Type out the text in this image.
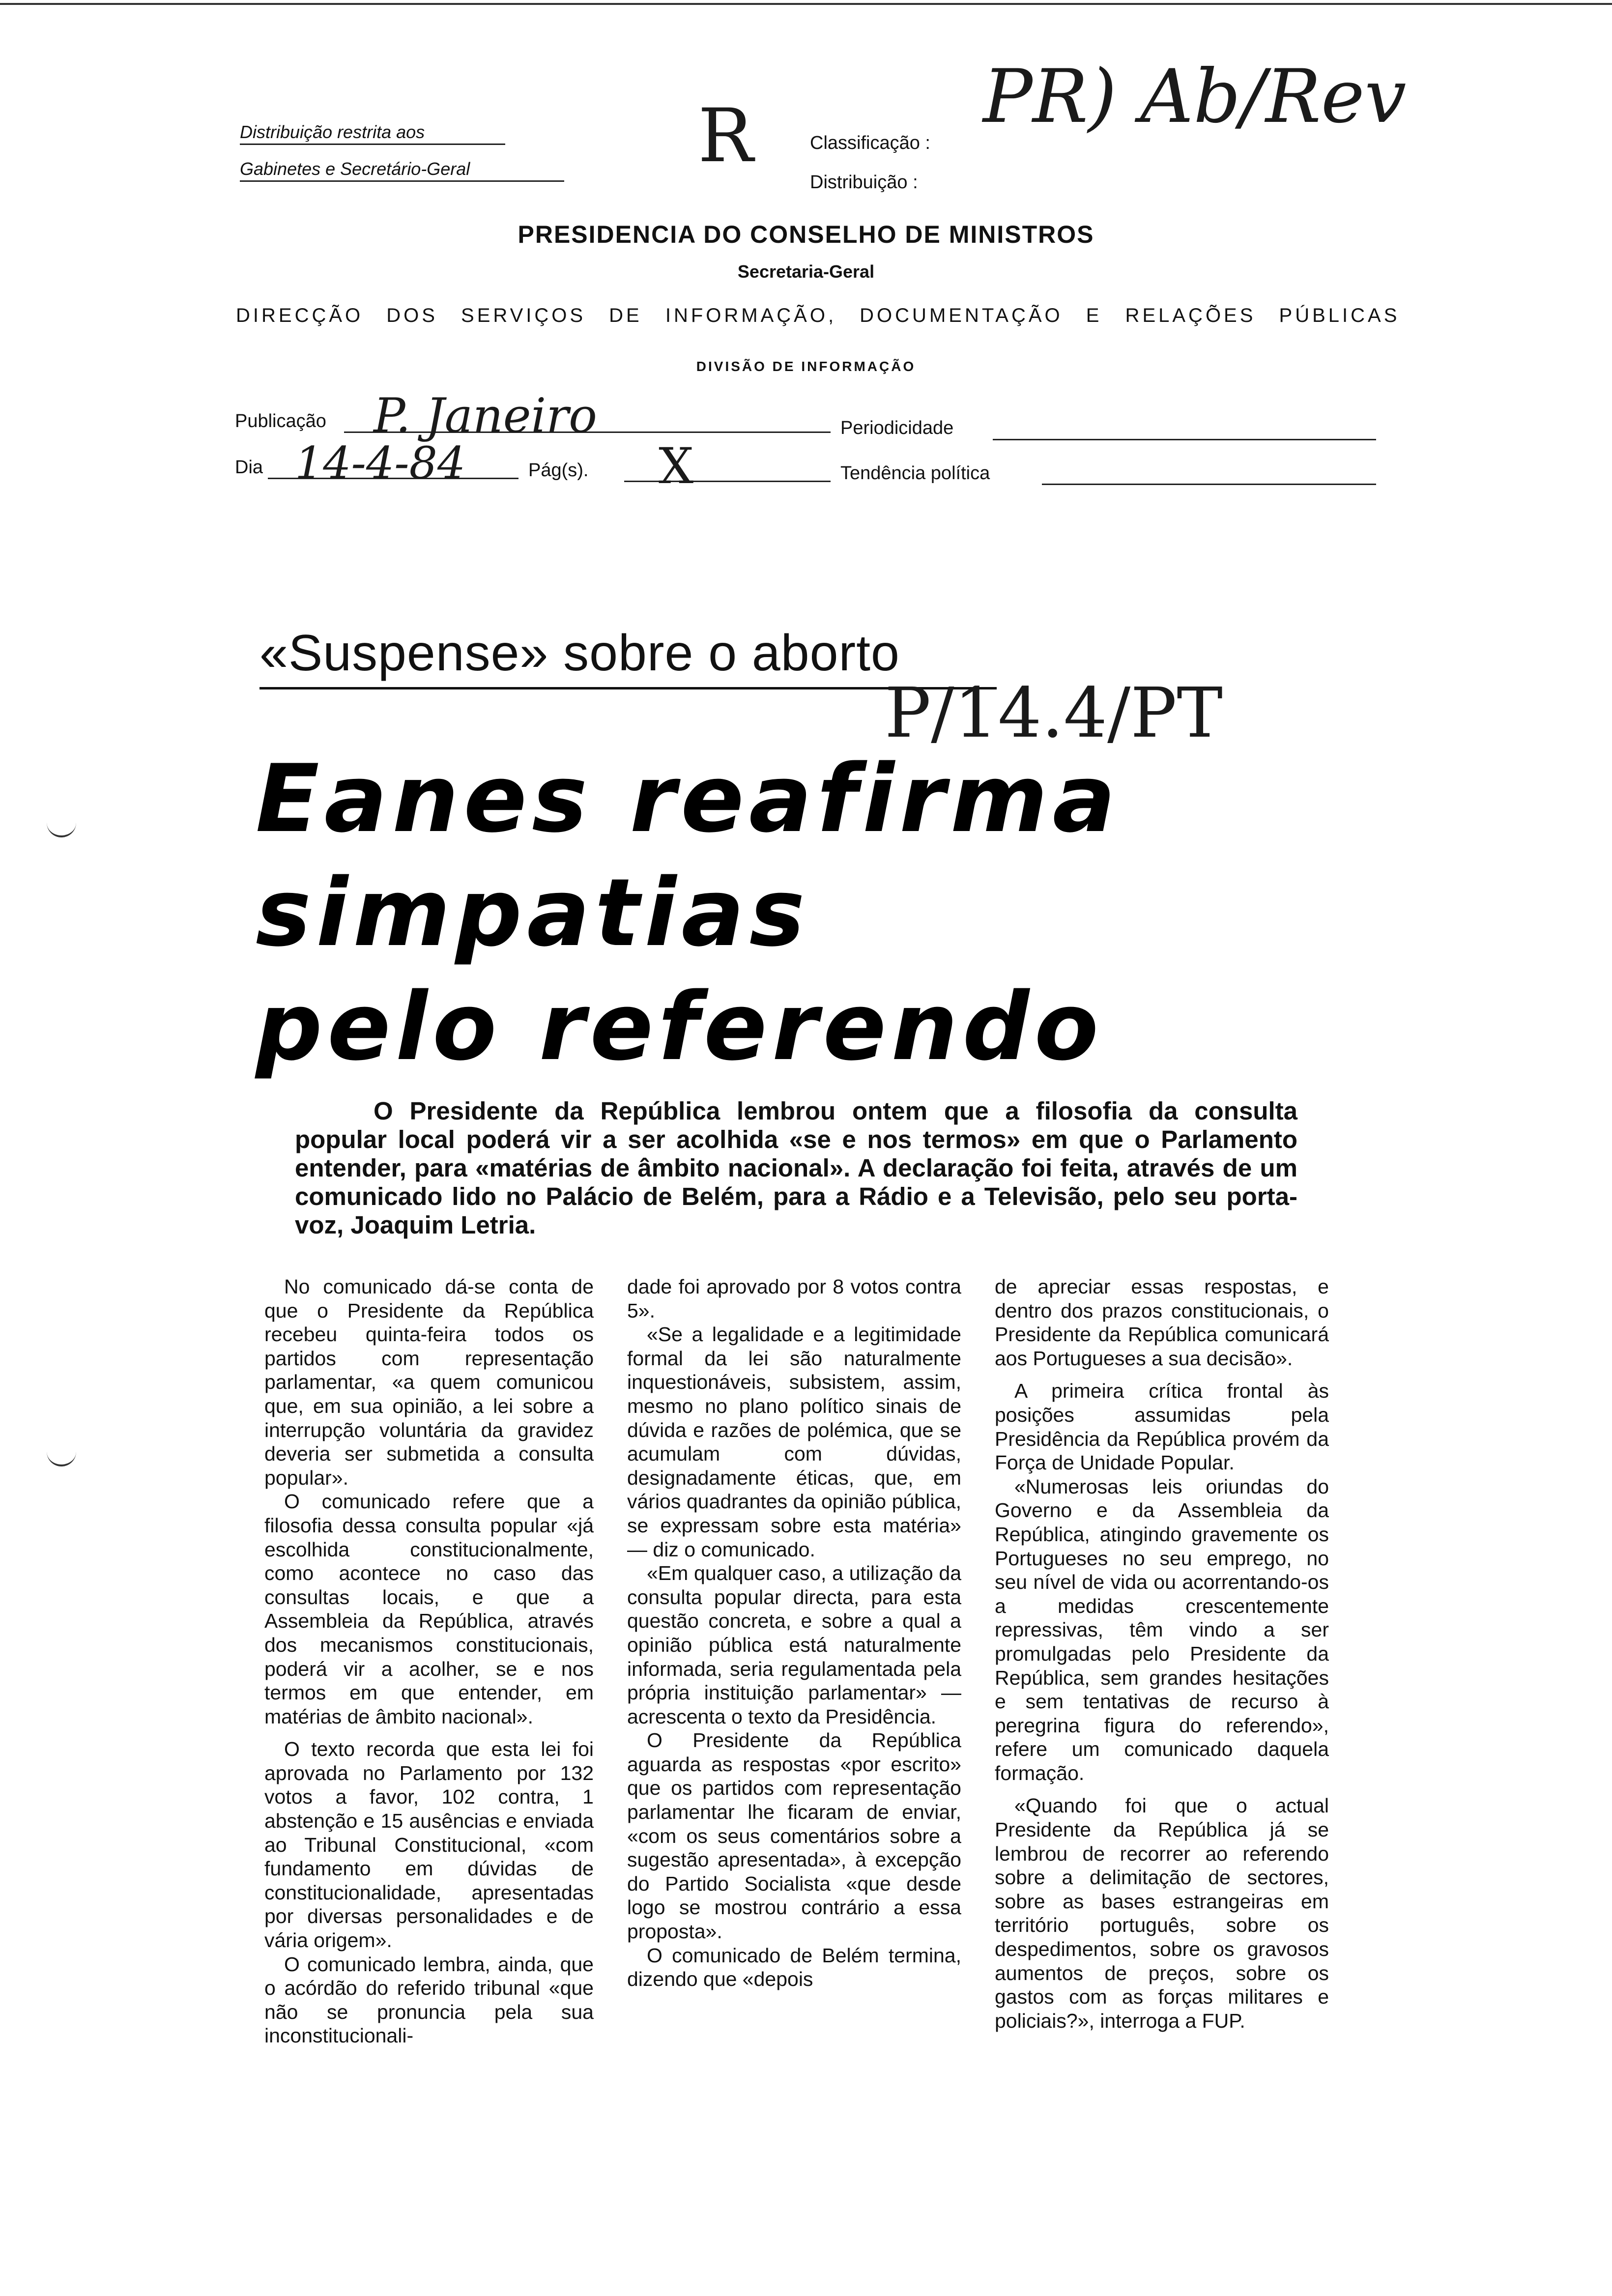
Distribuição restrita aos
Gabinetes e Secretário-Geral	R	Classificação :
Distribuição :
PR) Ab/Rev
PRESIDENCIA DO CONSELHO DE MINISTROS
Secretaria-Geral
DIRECÇÃO DOS SERVIÇOS DE INFORMAÇÃO, DOCUMENTAÇÃO E RELAÇÕES PÚBLICAS
DIVISÃO DE INFORMAÇÃO
Publicação P. Janeiro	Periodicidade
Dia 14-4-84	Pág(s). X	Tendência política
«Suspense» sobre o aborto
P/14.4/PT
Eanes reafirma
simpatias
pelo referendo

O Presidente da República lembrou ontem que a filosofia da consulta popular local poderá vir a ser acolhida «se e nos termos» em que o Parlamento entender, para «matérias de âmbito nacional». A declaração foi feita, através de um comunicado lido no Palácio de Belém, para a Rádio e a Televisão, pelo seu porta-voz, Joaquim Letria.

No comunicado dá-se conta de que o Presidente da República recebeu quinta-feira todos os partidos com representação parlamentar, «a quem comunicou que, em sua opinião, a lei sobre a interrupção voluntária da gravidez deveria ser submetida a consulta popular».

O comunicado refere que a filosofia dessa consulta popular «já escolhida constitucionalmente, como acontece no caso das consultas locais, e que a Assembleia da República, através dos mecanismos constitucionais, poderá vir a acolher, se e nos termos em que entender, em matérias de âmbito nacional».

O texto recorda que esta lei foi aprovada no Parlamento por 132 votos a favor, 102 contra, 1 abstenção e 15 ausências e enviada ao Tribunal Constitucional, «com fundamento em dúvidas de constitucionalidade, apresentadas por diversas personalidades e de vária origem».

O comunicado lembra, ainda, que o acórdão do referido tribunal «que não se pronuncia pela sua inconstitucionali-

dade foi aprovado por 8 votos contra 5».

«Se a legalidade e a legitimidade formal da lei são naturalmente inquestionáveis, subsistem, assim, mesmo no plano político sinais de dúvida e razões de polémica, que se acumulam com dúvidas, designadamente éticas, que, em vários quadrantes da opinião pública, se expressam sobre esta matéria» — diz o comunicado.

«Em qualquer caso, a utilização da consulta popular directa, para esta questão concreta, e sobre a qual a opinião pública está naturalmente informada, seria regulamentada pela própria instituição parlamentar» — acrescenta o texto da Presidência.

O Presidente da República aguarda as respostas «por escrito» que os partidos com representação parlamentar lhe ficaram de enviar, «com os seus comentários sobre a sugestão apresentada», à excepção do Partido Socialista «que desde logo se mostrou contrário a essa proposta».

O comunicado de Belém termina, dizendo que «depois

de apreciar essas respostas, e dentro dos prazos constitucionais, o Presidente da República comunicará aos Portugueses a sua decisão».

A primeira crítica frontal às posições assumidas pela Presidência da República provém da Força de Unidade Popular.

«Numerosas leis oriundas do Governo e da Assembleia da República, atingindo gravemente os Portugueses no seu emprego, no seu nível de vida ou acorrentando-os a medidas crescentemente repressivas, têm vindo a ser promulgadas pelo Presidente da República, sem grandes hesitações e sem tentativas de recurso à peregrina figura do referendo», refere um comunicado daquela formação.

«Quando foi que o actual Presidente da República já se lembrou de recorrer ao referendo sobre a delimitação de sectores, sobre as bases estrangeiras em território português, sobre os despedimentos, sobre os gravosos aumentos de preços, sobre os gastos com as forças militares e policiais?», interroga a FUP.
